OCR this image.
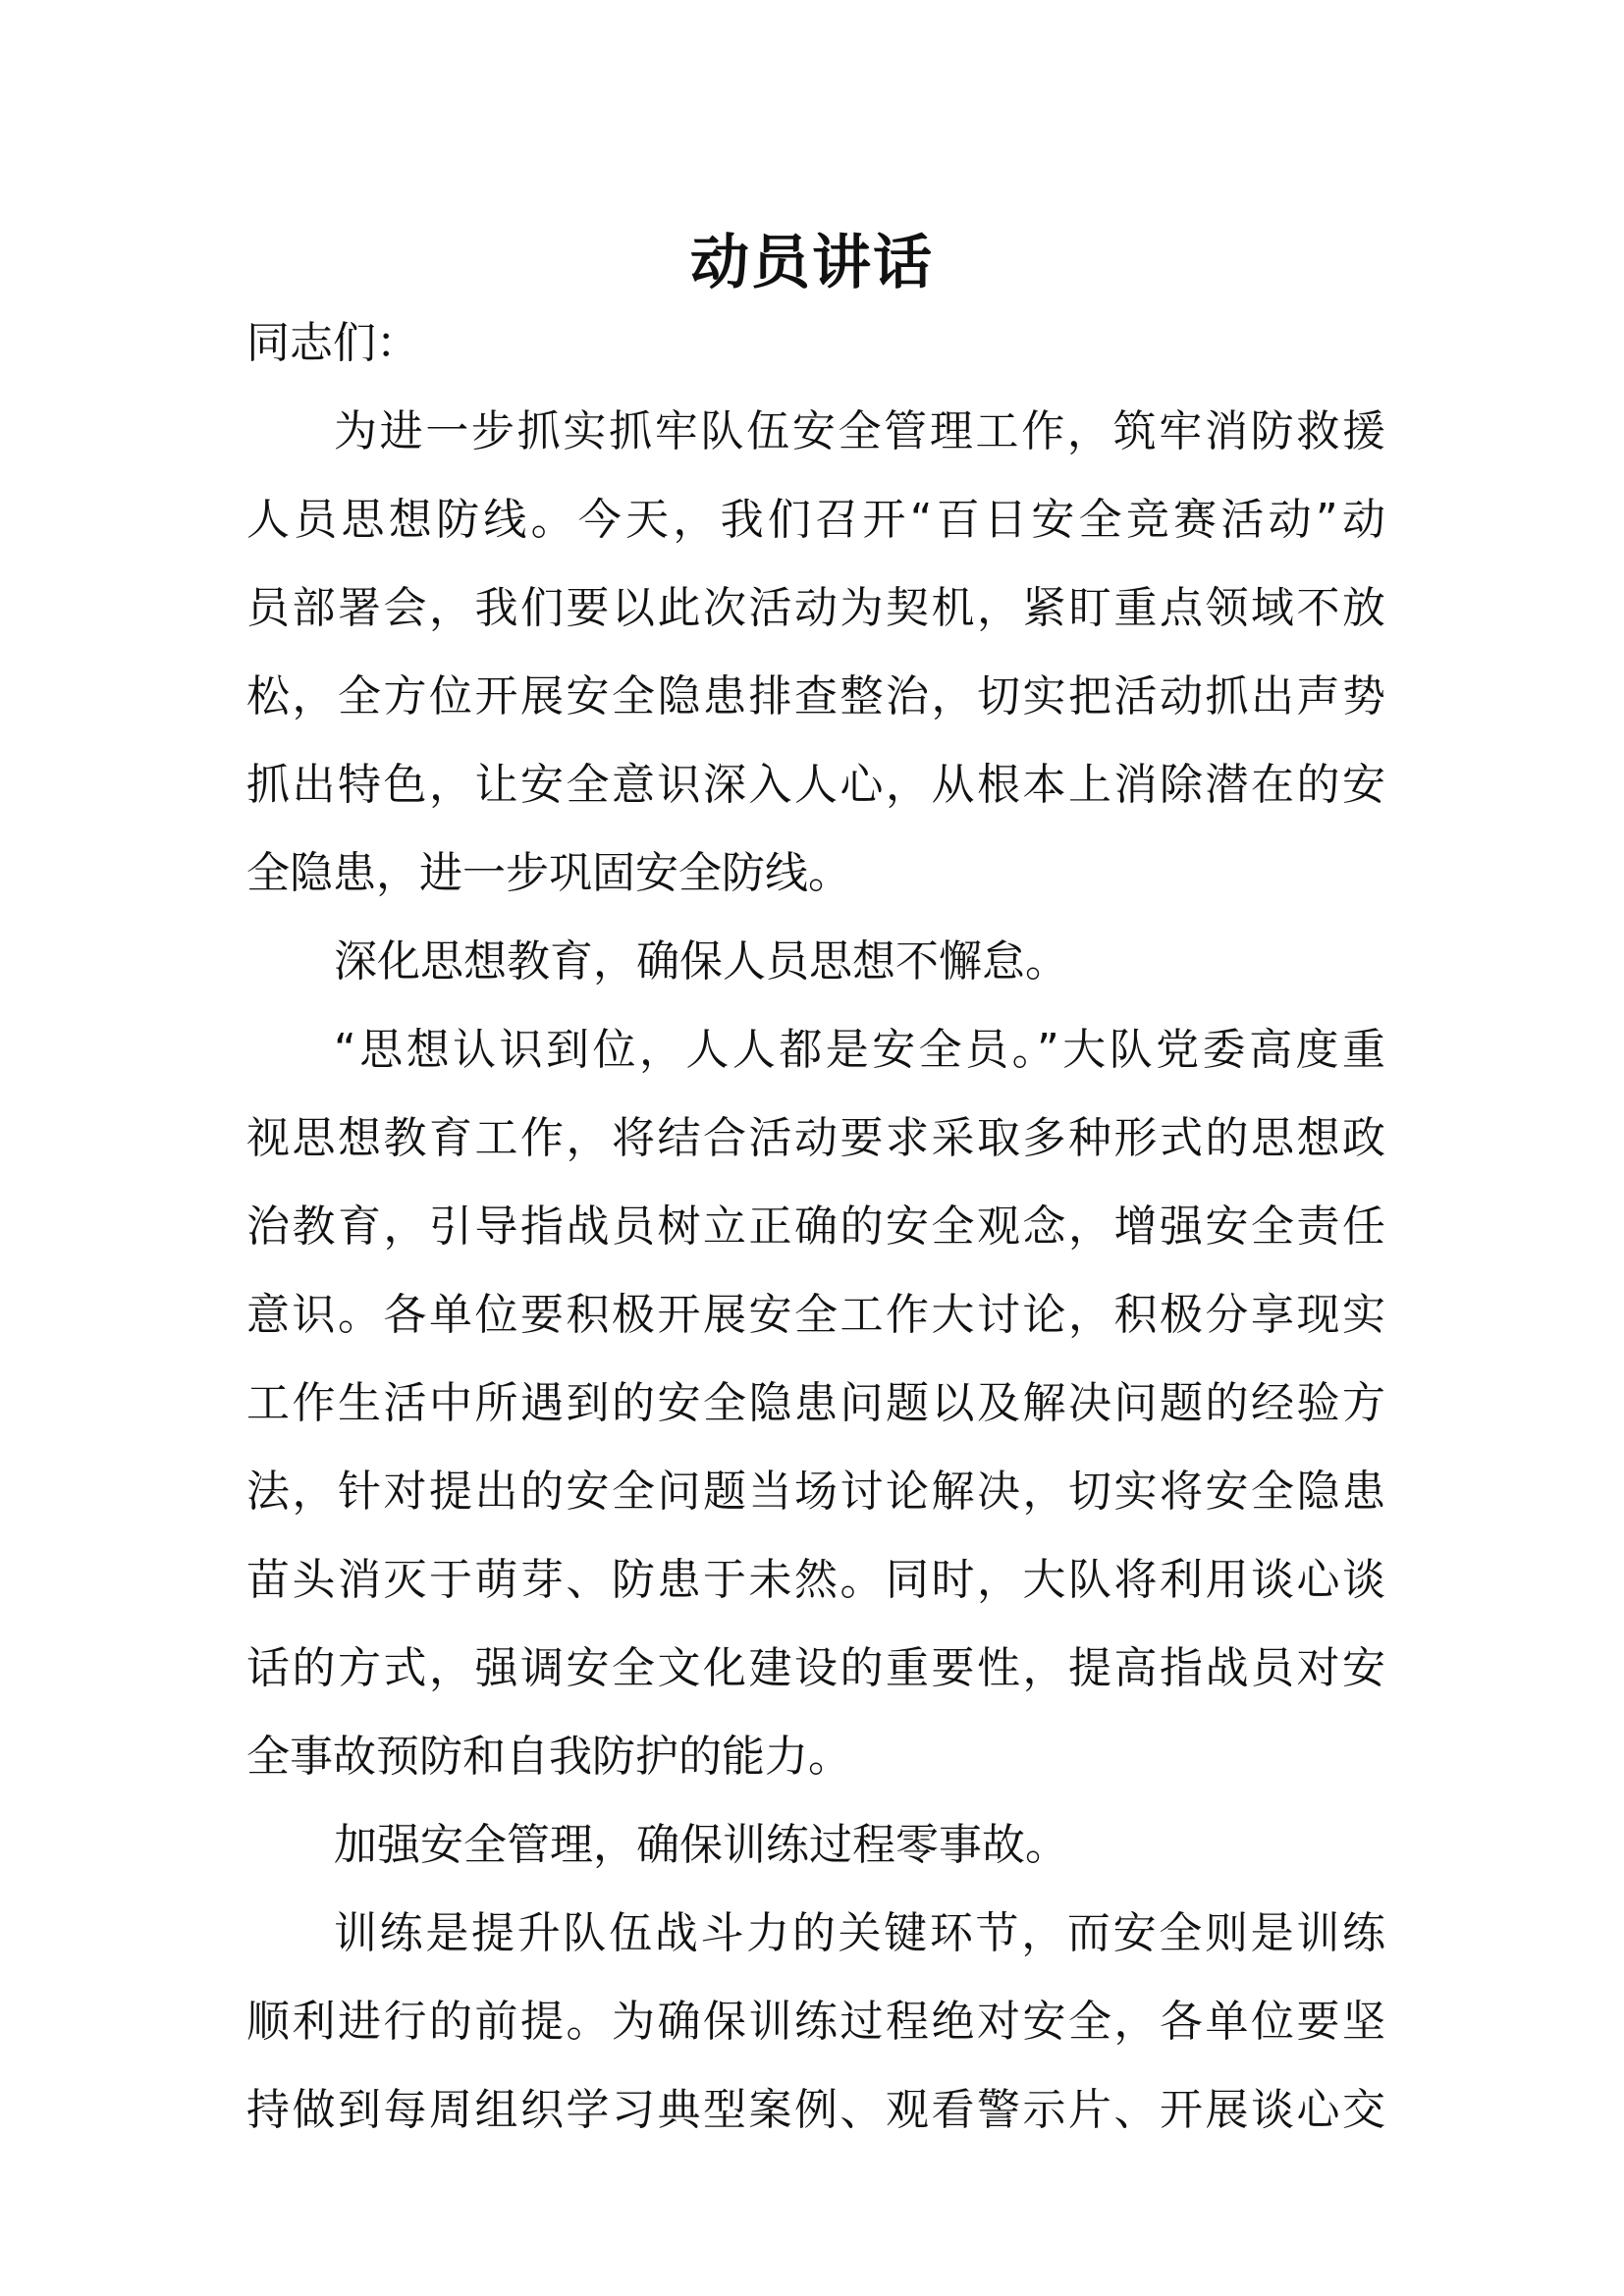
动员讲话
同志们：
为进一步抓实抓牢队伍安全管理工作，筑牢消防救援
人员思想防线。今天，我们召开“百日安全竞赛活动”动
员部署会，我们要以此次活动为契机，紧盯重点领域不放
松，全方位开展安全隐患排查整治，切实把活动抓出声势
抓出特色，让安全意识深入人心，从根本上消除潜在的安
全隐患，进一步巩固安全防线。
深化思想教育，确保人员思想不懈怠。
“思想认识到位，人人都是安全员。”大队党委高度重
视思想教育工作，将结合活动要求采取多种形式的思想政
治教育，引导指战员树立正确的安全观念，增强安全责任
意识。各单位要积极开展安全工作大讨论，积极分享现实
工作生活中所遇到的安全隐患问题以及解决问题的经验方
法，针对提出的安全问题当场讨论解决，切实将安全隐患
苗头消灭于萌芽、防患于未然。同时，大队将利用谈心谈
话的方式，强调安全文化建设的重要性，提高指战员对安
全事故预防和自我防护的能力。
加强安全管理，确保训练过程零事故。
训练是提升队伍战斗力的关键环节，而安全则是训练
顺利进行的前提。为确保训练过程绝对安全，各单位要坚
持做到每周组织学习典型案例、观看警示片、开展谈心交
